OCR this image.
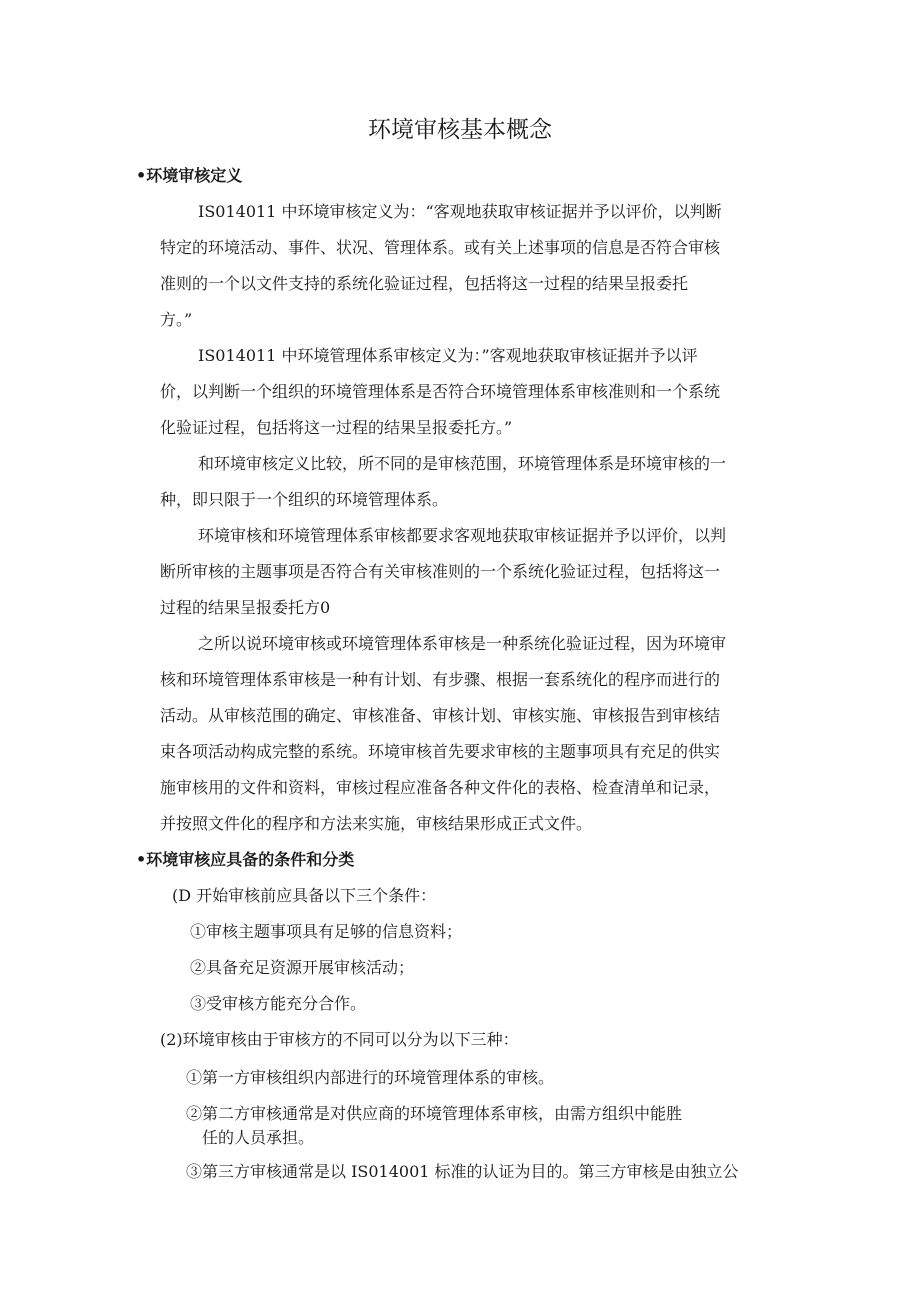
环境审核基本概念
•环境审核定义
IS014011 中环境审核定义为：“客观地获取审核证据并予以评价，以判断
特定的环境活动、事件、状况、管理体系。或有关上述事项的信息是否符合审核
准则的一个以文件支持的系统化验证过程，包括将这一过程的结果呈报委托
方。”
IS014011 中环境管理体系审核定义为：”客观地获取审核证据并予以评
价，以判断一个组织的环境管理体系是否符合环境管理体系审核准则和一个系统
化验证过程，包括将这一过程的结果呈报委托方。”
和环境审核定义比较，所不同的是审核范围，环境管理体系是环境审核的一
种，即只限于一个组织的环境管理体系。
环境审核和环境管理体系审核都要求客观地获取审核证据并予以评价，以判
断所审核的主题事项是否符合有关审核准则的一个系统化验证过程，包括将这一
过程的结果呈报委托方0
之所以说环境审核或环境管理体系审核是一种系统化验证过程，因为环境审
核和环境管理体系审核是一种有计划、有步骤、根据一套系统化的程序而进行的
活动。从审核范围的确定、审核准备、审核计划、审核实施、审核报告到审核结
束各项活动构成完整的系统。环境审核首先要求审核的主题事项具有充足的供实
施审核用的文件和资料，审核过程应准备各种文件化的表格、检查清单和记录，
并按照文件化的程序和方法来实施，审核结果形成正式文件。
•环境审核应具备的条件和分类
(D 开始审核前应具备以下三个条件：
①审核主题事项具有足够的信息资料；
②具备充足资源开展审核活动；
③受审核方能充分合作。
(2)环境审核由于审核方的不同可以分为以下三种：
①第一方审核组织内部进行的环境管理体系的审核。
②第二方审核通常是对供应商的环境管理体系审核，由需方组织中能胜
任的人员承担。
③第三方审核通常是以 IS014001 标准的认证为目的。第三方审核是由独立公
